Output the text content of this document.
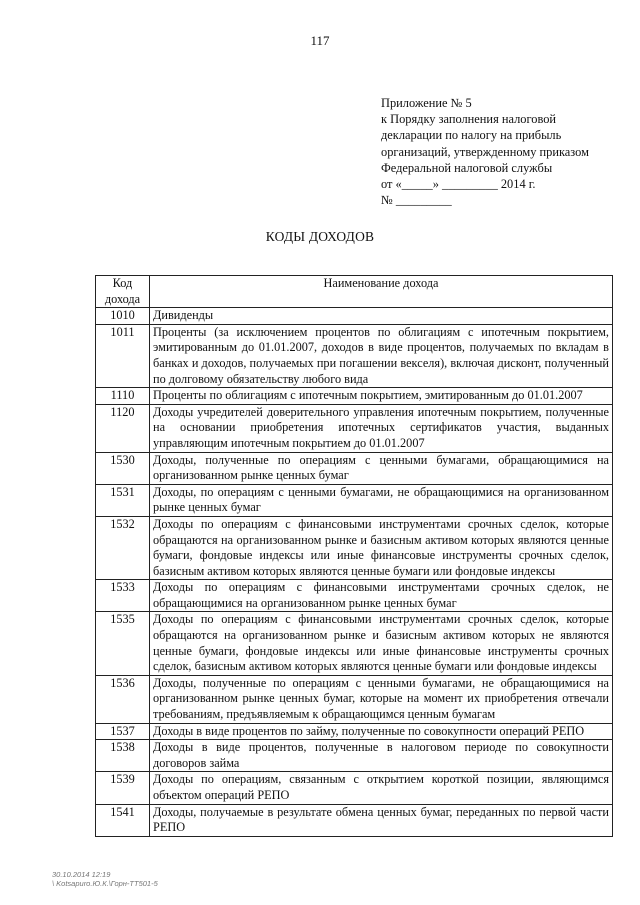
117
Приложение № 5
к Порядку заполнения налоговой
декларации по налогу на прибыль
организаций, утвержденному приказом
Федеральной налоговой службы
от «_____» _________ 2014 г.
№ _________
КОДЫ ДОХОДОВ
Код дохода	Наименование дохода
1010	Дивиденды
1011	Проценты (за исключением процентов по облигациям с ипотечным покрытием, эмитированным до 01.01.2007, доходов в виде процентов, получаемых по вкладам в банках и доходов, получаемых при погашении векселя), включая дисконт, полученный по долговому обязательству любого вида
1110	Проценты по облигациям с ипотечным покрытием, эмитированным до 01.01.2007
1120	Доходы учредителей доверительного управления ипотечным покрытием, полученные на основании приобретения ипотечных сертификатов участия, выданных управляющим ипотечным покрытием до 01.01.2007
1530	Доходы, полученные по операциям с ценными бумагами, обращающимися на организованном рынке ценных бумаг
1531	Доходы, по операциям с ценными бумагами, не обращающимися на организованном рынке ценных бумаг
1532	Доходы по операциям с финансовыми инструментами срочных сделок, которые обращаются на организованном рынке и базисным активом которых являются ценные бумаги, фондовые индексы или иные финансовые инструменты срочных сделок, базисным активом которых являются ценные бумаги или фондовые индексы
1533	Доходы по операциям с финансовыми инструментами срочных сделок, не обращающимися на организованном рынке ценных бумаг
1535	Доходы по операциям с финансовыми инструментами срочных сделок, которые обращаются на организованном рынке и базисным активом которых не являются ценные бумаги, фондовые индексы или иные финансовые инструменты срочных сделок, базисным активом которых являются ценные бумаги или фондовые индексы
1536	Доходы, полученные по операциям с ценными бумагами, не обращающимися на организованном рынке ценных бумаг, которые на момент их приобретения отвечали требованиям, предъявляемым к обращающимся ценным бумагам
1537	Доходы в виде процентов по займу, полученные по совокупности операций РЕПО
1538	Доходы в виде процентов, полученные в налоговом периоде по совокупности договоров займа
1539	Доходы по операциям, связанным с открытием короткой позиции, являющимся объектом операций РЕПО
1541	Доходы, получаемые в результате обмена ценных бумаг, переданных по первой части РЕПО
30.10.2014 12:19
\ Kotsapuro.Ю.К.\Горн-ТТ501-5
